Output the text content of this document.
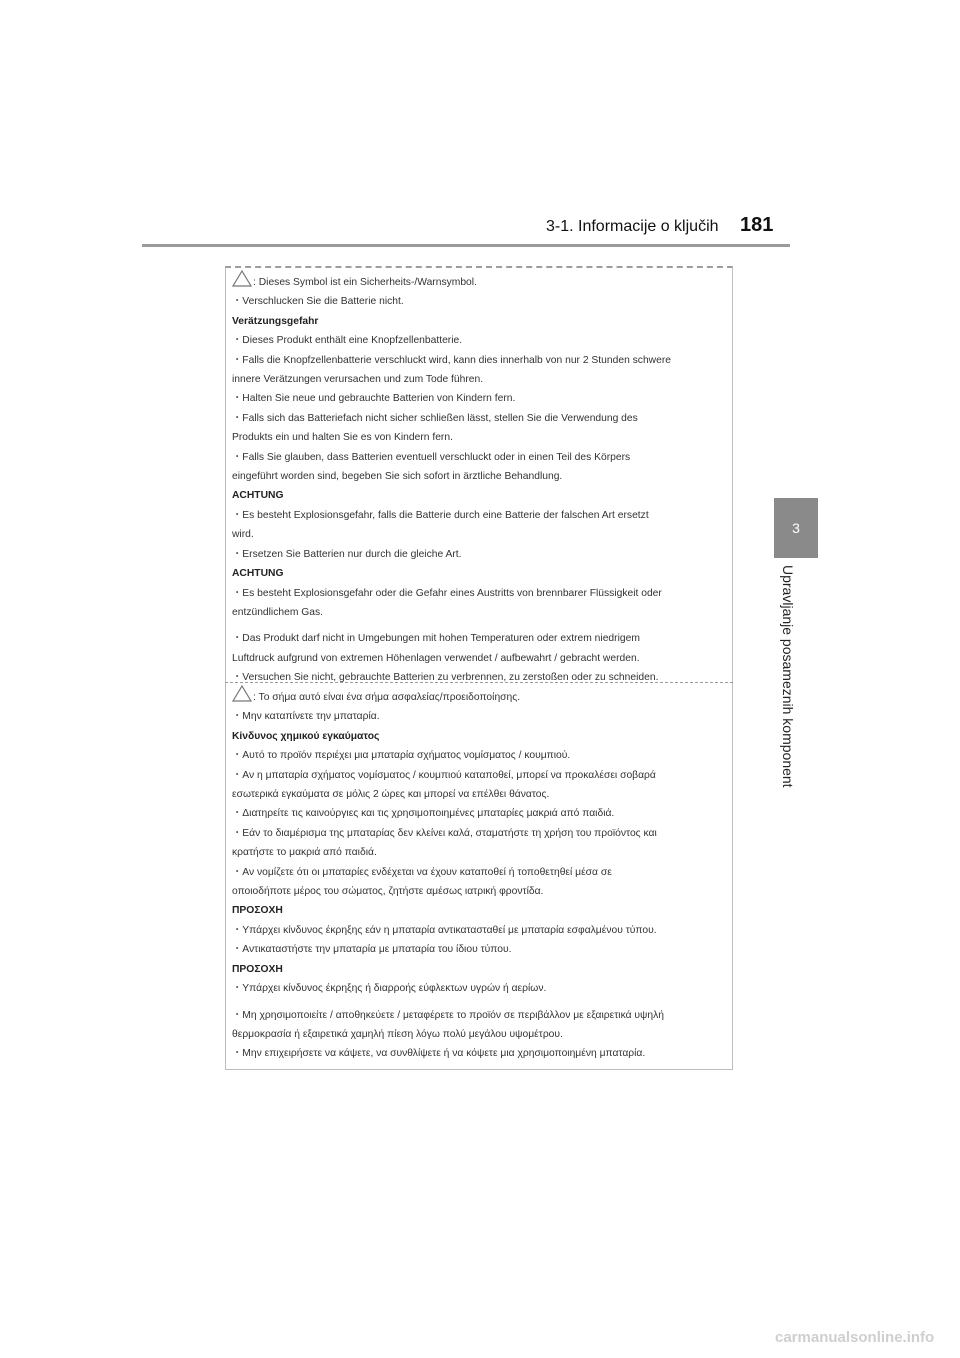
3-1. Informacije o ključih 181
3
Upravljanje posameznih komponent

: Dieses Symbol ist ein Sicherheits-/Warnsymbol.

・Verschlucken Sie die Batterie nicht.

Verätzungsgefahr

・Dieses Produkt enthält eine Knopfzellenbatterie.

・Falls die Knopfzellenbatterie verschluckt wird, kann dies innerhalb von nur 2 Stunden schwere

innere Verätzungen verursachen und zum Tode führen.

・Halten Sie neue und gebrauchte Batterien von Kindern fern.

・Falls sich das Batteriefach nicht sicher schließen lässt, stellen Sie die Verwendung des

Produkts ein und halten Sie es von Kindern fern.

・Falls Sie glauben, dass Batterien eventuell verschluckt oder in einen Teil des Körpers

eingeführt worden sind, begeben Sie sich sofort in ärztliche Behandlung.

ACHTUNG

・Es besteht Explosionsgefahr, falls die Batterie durch eine Batterie der falschen Art ersetzt

wird.

・Ersetzen Sie Batterien nur durch die gleiche Art.

ACHTUNG

・Es besteht Explosionsgefahr oder die Gefahr eines Austritts von brennbarer Flüssigkeit oder

entzündlichem Gas.

・Das Produkt darf nicht in Umgebungen mit hohen Temperaturen oder extrem niedrigem

Luftdruck aufgrund von extremen Höhenlagen verwendet / aufbewahrt / gebracht werden.

・Versuchen Sie nicht, gebrauchte Batterien zu verbrennen, zu zerstoßen oder zu schneiden.

: Το σήμα αυτό είναι ένα σήμα ασφαλείας/προειδοποίησης.

・Μην καταπίνετε την μπαταρία.

Κίνδυνος χημικού εγκαύματος

・Αυτό το προϊόν περιέχει μια μπαταρία σχήματος νομίσματος / κουμπιού.

・Αν η μπαταρία σχήματος νομίσματος / κουμπιού καταποθεί, μπορεί να προκαλέσει σοβαρά

εσωτερικά εγκαύματα σε μόλις 2 ώρες και μπορεί να επέλθει θάνατος.

・Διατηρείτε τις καινούργιες και τις χρησιμοποιημένες μπαταρίες μακριά από παιδιά.

・Εάν το διαμέρισμα της μπαταρίας δεν κλείνει καλά, σταματήστε τη χρήση του προϊόντος και

κρατήστε το μακριά από παιδιά.

・Αν νομίζετε ότι οι μπαταρίες ενδέχεται να έχουν καταποθεί ή τοποθετηθεί μέσα σε

οποιοδήποτε μέρος του σώματος, ζητήστε αμέσως ιατρική φροντίδα.

ΠΡΟΣΟΧΗ

・Υπάρχει κίνδυνος έκρηξης εάν η μπαταρία αντικατασταθεί με μπαταρία εσφαλμένου τύπου.

・Αντικαταστήστε την μπαταρία με μπαταρία του ίδιου τύπου.

ΠΡΟΣΟΧΗ

・Υπάρχει κίνδυνος έκρηξης ή διαρροής εύφλεκτων υγρών ή αερίων.

・Μη χρησιμοποιείτε / αποθηκεύετε / μεταφέρετε το προϊόν σε περιβάλλον με εξαιρετικά υψηλή

θερμοκρασία ή εξαιρετικά χαμηλή πίεση λόγω πολύ μεγάλου υψομέτρου.

・Μην επιχειρήσετε να κάψετε, να συνθλίψετε ή να κόψετε μια χρησιμοποιημένη μπαταρία.

carmanualsonline.info
